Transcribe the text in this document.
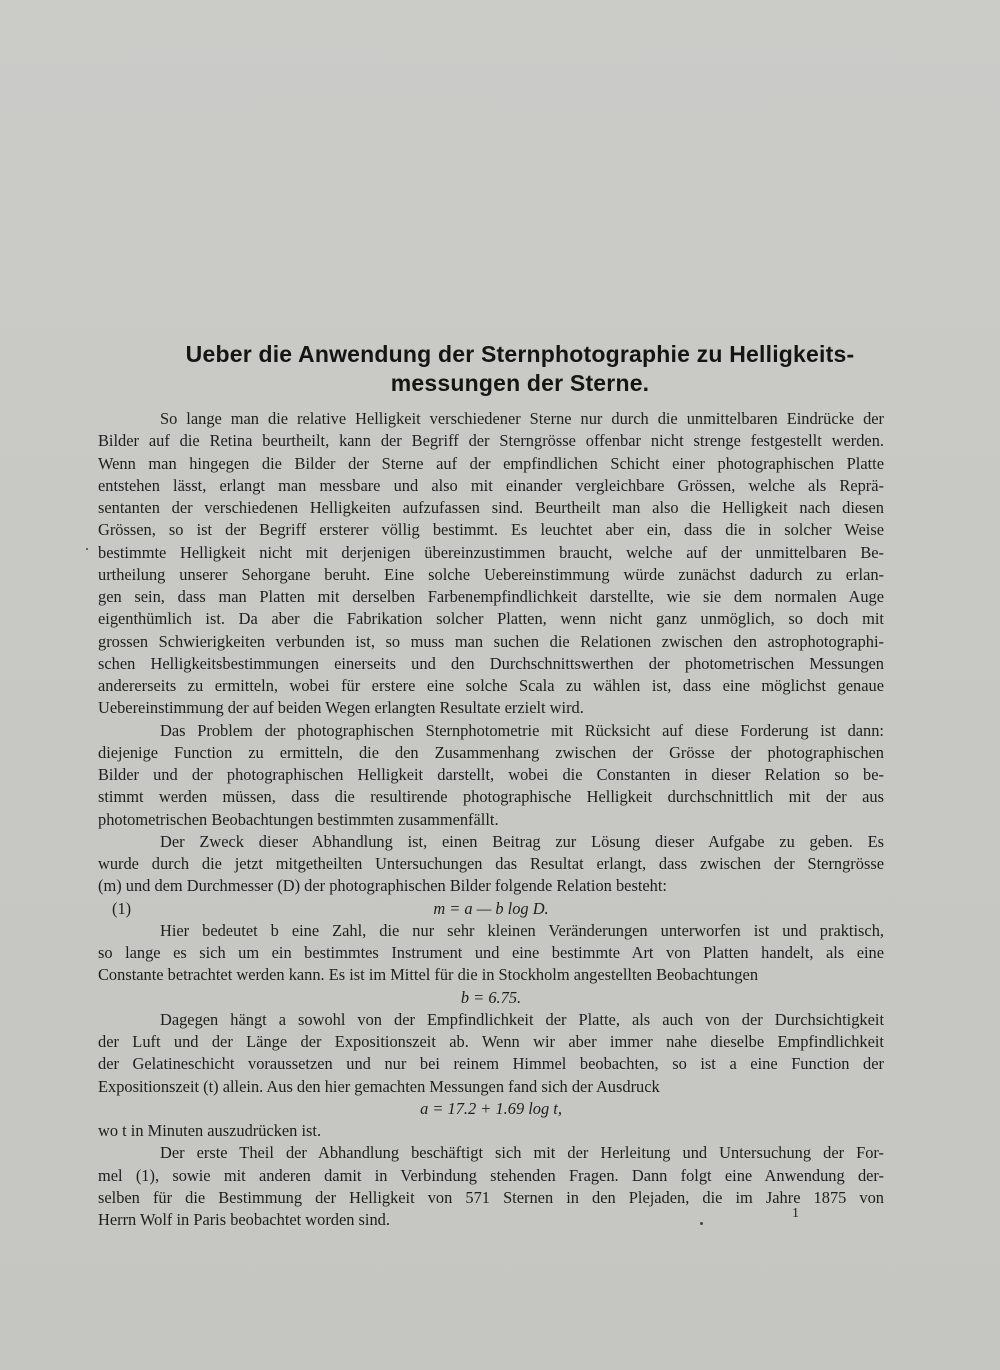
Ueber die Anwendung der Sternphotographie zu Helligkeits-
messungen der Sterne.

So lange man die relative Helligkeit verschiedener Sterne nur durch die unmittelbaren Eindrücke der
Bilder auf die Retina beurtheilt, kann der Begriff der Sterngrösse offenbar nicht strenge festgestellt werden.
Wenn man hingegen die Bilder der Sterne auf der empfindlichen Schicht einer photographischen Platte
entstehen lässt, erlangt man messbare und also mit einander vergleichbare Grössen, welche als Reprä-
sentanten der verschiedenen Helligkeiten aufzufassen sind. Beurtheilt man also die Helligkeit nach diesen
Grössen, so ist der Begriff ersterer völlig bestimmt. Es leuchtet aber ein, dass die in solcher Weise
bestimmte Helligkeit nicht mit derjenigen übereinzustimmen braucht, welche auf der unmittelbaren Be-
urtheilung unserer Sehorgane beruht. Eine solche Uebereinstimmung würde zunächst dadurch zu erlan-
gen sein, dass man Platten mit derselben Farbenempfindlichkeit darstellte, wie sie dem normalen Auge
eigenthümlich ist. Da aber die Fabrikation solcher Platten, wenn nicht ganz unmöglich, so doch mit
grossen Schwierigkeiten verbunden ist, so muss man suchen die Relationen zwischen den astrophotographi-
schen Helligkeitsbestimmungen einerseits und den Durchschnittswerthen der photometrischen Messungen
andererseits zu ermitteln, wobei für erstere eine solche Scala zu wählen ist, dass eine möglichst genaue
Uebereinstimmung der auf beiden Wegen erlangten Resultate erzielt wird.

Das Problem der photographischen Sternphotometrie mit Rücksicht auf diese Forderung ist dann:
diejenige Function zu ermitteln, die den Zusammenhang zwischen der Grösse der photographischen
Bilder und der photographischen Helligkeit darstellt, wobei die Constanten in dieser Relation so be-
stimmt werden müssen, dass die resultirende photographische Helligkeit durchschnittlich mit der aus
photometrischen Beobachtungen bestimmten zusammenfällt.

Der Zweck dieser Abhandlung ist, einen Beitrag zur Lösung dieser Aufgabe zu geben. Es
wurde durch die jetzt mitgetheilten Untersuchungen das Resultat erlangt, dass zwischen der Sterngrösse
(m) und dem Durchmesser (D) der photographischen Bilder folgende Relation besteht:

(1)	m = a — b log D.

Hier bedeutet b eine Zahl, die nur sehr kleinen Veränderungen unterworfen ist und praktisch,
so lange es sich um ein bestimmtes Instrument und eine bestimmte Art von Platten handelt, als eine
Constante betrachtet werden kann. Es ist im Mittel für die in Stockholm angestellten Beobachtungen

b = 6.75.

Dagegen hängt a sowohl von der Empfindlichkeit der Platte, als auch von der Durchsichtigkeit
der Luft und der Länge der Expositionszeit ab. Wenn wir aber immer nahe dieselbe Empfindlichkeit
der Gelatineschicht voraussetzen und nur bei reinem Himmel beobachten, so ist a eine Function der
Expositionszeit (t) allein. Aus den hier gemachten Messungen fand sich der Ausdruck

a = 17.2 + 1.69 log t,

wo t in Minuten auszudrücken ist.

Der erste Theil der Abhandlung beschäftigt sich mit der Herleitung und Untersuchung der For-
mel (1), sowie mit anderen damit in Verbindung stehenden Fragen. Dann folgt eine Anwendung der-
selben für die Bestimmung der Helligkeit von 571 Sternen in den Plejaden, die im Jahre 1875 von
Herrn Wolf in Paris beobachtet worden sind.	1
